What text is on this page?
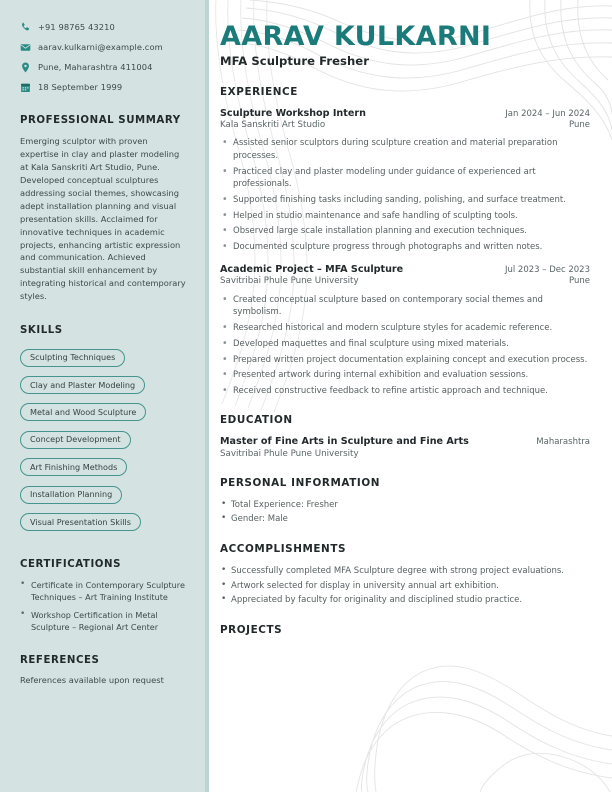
+91 98765 43210
aarav.kulkarni@example.com
Pune, Maharashtra 411004
18 September 1999
PROFESSIONAL SUMMARY

Emerging sculptor with proven expertise in clay and plaster modeling at Kala Sanskriti Art Studio, Pune. Developed conceptual sculptures addressing social themes, showcasing adept installation planning and visual presentation skills. Acclaimed for innovative techniques in academic projects, enhancing artistic expression and communication. Achieved substantial skill enhancement by integrating historical and contemporary styles.

SKILLS
Sculpting Techniques
Clay and Plaster Modeling
Metal and Wood Sculpture
Concept Development
Art Finishing Methods
Installation Planning
Visual Presentation Skills
CERTIFICATIONS
• Certificate in Contemporary Sculpture Techniques – Art Training Institute
• Workshop Certification in Metal Sculpture – Regional Art Center
REFERENCES

References available upon request

AARAV KULKARNI
MFA Sculpture Fresher
EXPERIENCE
Sculpture Workshop Intern	Jan 2024 – Jun 2024
Kala Sanskriti Art Studio	Pune
• Assisted senior sculptors during sculpture creation and material preparation processes.
• Practiced clay and plaster modeling under guidance of experienced art professionals.
• Supported finishing tasks including sanding, polishing, and surface treatment.
• Helped in studio maintenance and safe handling of sculpting tools.
• Observed large scale installation planning and execution techniques.
• Documented sculpture progress through photographs and written notes.
Academic Project – MFA Sculpture	Jul 2023 – Dec 2023
Savitribai Phule Pune University	Pune
• Created conceptual sculpture based on contemporary social themes and symbolism.
• Researched historical and modern sculpture styles for academic reference.
• Developed maquettes and final sculpture using mixed materials.
• Prepared written project documentation explaining concept and execution process.
• Presented artwork during internal exhibition and evaluation sessions.
• Received constructive feedback to refine artistic approach and technique.
EDUCATION
Master of Fine Arts in Sculpture and Fine Arts	Maharashtra
Savitribai Phule Pune University
PERSONAL INFORMATION
• Total Experience: Fresher
• Gender: Male
ACCOMPLISHMENTS
• Successfully completed MFA Sculpture degree with strong project evaluations.
• Artwork selected for display in university annual art exhibition.
• Appreciated by faculty for originality and disciplined studio practice.
PROJECTS
